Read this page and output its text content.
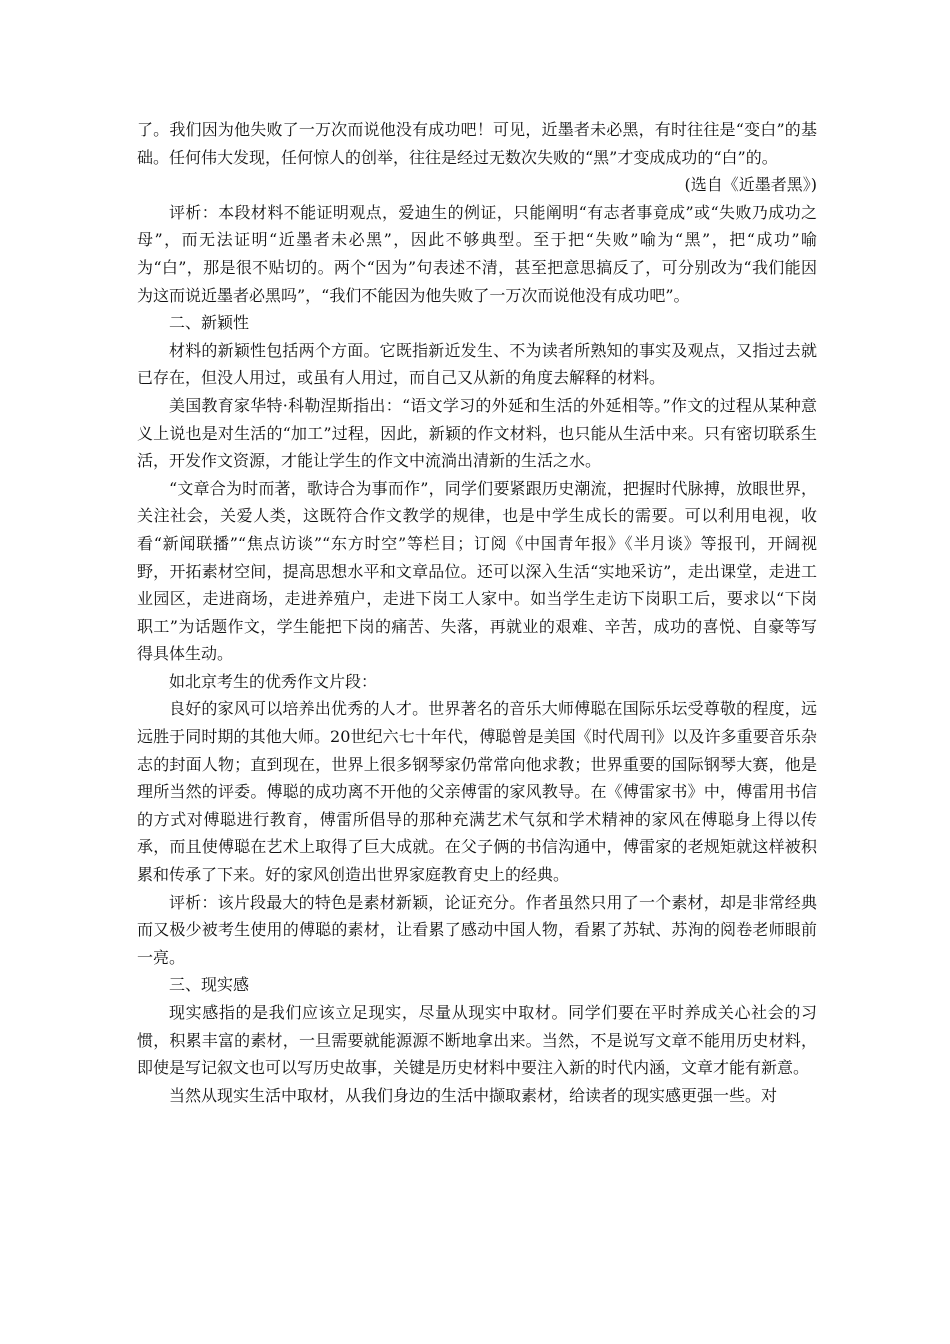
了。我们因为他失败了一万次而说他没有成功吧！可见，近墨者未必黑，有时往往是“变白”的基础。任何伟大发现，任何惊人的创举，往往是经过无数次失败的“黑”才变成成功的“白”的。

(选自《近墨者黑》)

评析：本段材料不能证明观点，爱迪生的例证，只能阐明“有志者事竟成”或“失败乃成功之母”，而无法证明“近墨者未必黑”，因此不够典型。至于把“失败”喻为“黑”，把“成功”喻为“白”，那是很不贴切的。两个“因为”句表述不清，甚至把意思搞反了，可分别改为“我们能因为这而说近墨者必黑吗”，“我们不能因为他失败了一万次而说他没有成功吧”。

二、新颖性

材料的新颖性包括两个方面。它既指新近发生、不为读者所熟知的事实及观点，又指过去就已存在，但没人用过，或虽有人用过，而自己又从新的角度去解释的材料。

美国教育家华特·科勒涅斯指出：“语文学习的外延和生活的外延相等。”作文的过程从某种意义上说也是对生活的“加工”过程，因此，新颖的作文材料，也只能从生活中来。只有密切联系生活，开发作文资源，才能让学生的作文中流淌出清新的生活之水。

“文章合为时而著，歌诗合为事而作”，同学们要紧跟历史潮流，把握时代脉搏，放眼世界，关注社会，关爱人类，这既符合作文教学的规律，也是中学生成长的需要。可以利用电视，收看“新闻联播”“焦点访谈”“东方时空”等栏目；订阅《中国青年报》《半月谈》等报刊，开阔视野，开拓素材空间，提高思想水平和文章品位。还可以深入生活“实地采访”，走出课堂，走进工业园区，走进商场，走进养殖户，走进下岗工人家中。如当学生走访下岗职工后，要求以“下岗职工”为话题作文，学生能把下岗的痛苦、失落，再就业的艰难、辛苦，成功的喜悦、自豪等写得具体生动。

如北京考生的优秀作文片段：

良好的家风可以培养出优秀的人才。世界著名的音乐大师傅聪在国际乐坛受尊敬的程度，远远胜于同时期的其他大师。20世纪六七十年代，傅聪曾是美国《时代周刊》以及许多重要音乐杂志的封面人物；直到现在，世界上很多钢琴家仍常常向他求教；世界重要的国际钢琴大赛，他是理所当然的评委。傅聪的成功离不开他的父亲傅雷的家风教导。在《傅雷家书》中，傅雷用书信的方式对傅聪进行教育，傅雷所倡导的那种充满艺术气氛和学术精神的家风在傅聪身上得以传承，而且使傅聪在艺术上取得了巨大成就。在父子俩的书信沟通中，傅雷家的老规矩就这样被积累和传承了下来。好的家风创造出世界家庭教育史上的经典。

评析：该片段最大的特色是素材新颖，论证充分。作者虽然只用了一个素材，却是非常经典而又极少被考生使用的傅聪的素材，让看累了感动中国人物，看累了苏轼、苏洵的阅卷老师眼前一亮。

三、现实感

现实感指的是我们应该立足现实，尽量从现实中取材。同学们要在平时养成关心社会的习惯，积累丰富的素材，一旦需要就能源源不断地拿出来。当然，不是说写文章不能用历史材料，即使是写记叙文也可以写历史故事，关键是历史材料中要注入新的时代内涵，文章才能有新意。

当然从现实生活中取材，从我们身边的生活中撷取素材，给读者的现实感更强一些。对
